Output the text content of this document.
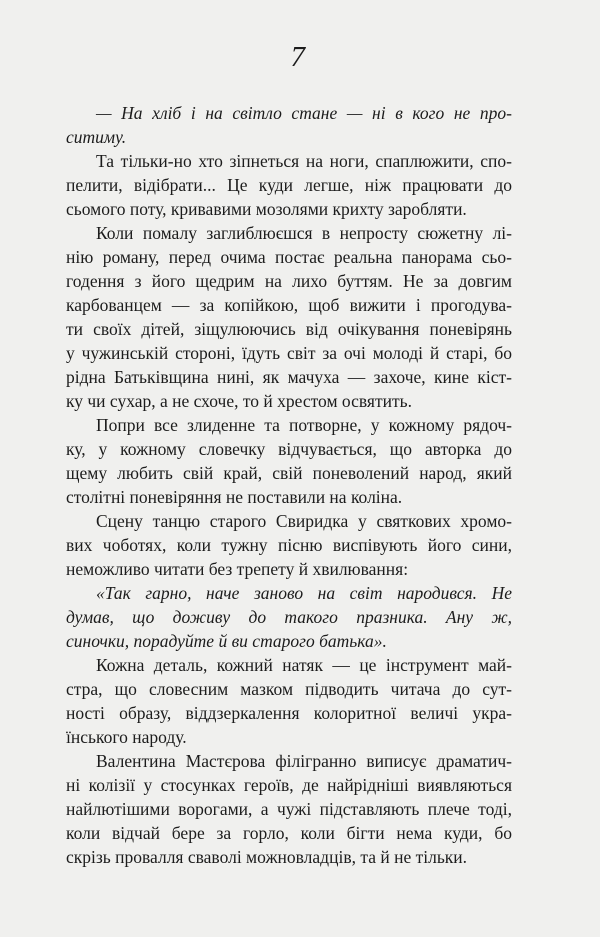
7
— На хліб і на світло стане — ні в кого не про-
ситиму.
Та тільки-но хто зіпнеться на ноги, спаплюжити, спо-
пелити, відібрати... Це куди легше, ніж працювати до
сьомого поту, кривавими мозолями крихту заробляти.
Коли помалу заглиблюєшся в непросту сюжетну лі-
нію роману, перед очима постає реальна панорама сьо-
годення з його щедрим на лихо буттям. Не за довгим
карбованцем — за копійкою, щоб вижити і прогодува-
ти своїх дітей, зіщулюючись від очікування поневірянь
у чужинській стороні, їдуть світ за очі молоді й старі, бо
рідна Батьківщина нині, як мачуха — захоче, кине кіст-
ку чи сухар, а не схоче, то й хрестом освятить.
Попри все злиденне та потворне, у кожному рядоч-
ку, у кожному словечку відчувається, що авторка до
щему любить свій край, свій поневолений народ, який
столітні поневіряння не поставили на коліна.
Сцену танцю старого Свиридка у святкових хромо-
вих чоботях, коли тужну пісню виспівують його сини,
неможливо читати без трепету й хвилювання:
«Так гарно, наче заново на світ народився. Не
думав, що доживу до такого празника. Ану ж,
синочки, порадуйте й ви старого батька».
Кожна деталь, кожний натяк — це інструмент май-
стра, що словесним мазком підводить читача до сут-
ності образу, віддзеркалення колоритної величі укра-
їнського народу.
Валентина Мастєрова філігранно виписує драматич-
ні колізії у стосунках героїв, де найрідніші виявляються
найлютішими ворогами, а чужі підставляють плече тоді,
коли відчай бере за горло, коли бігти нема куди, бо
скрізь провалля сваволі можновладців, та й не тільки.
